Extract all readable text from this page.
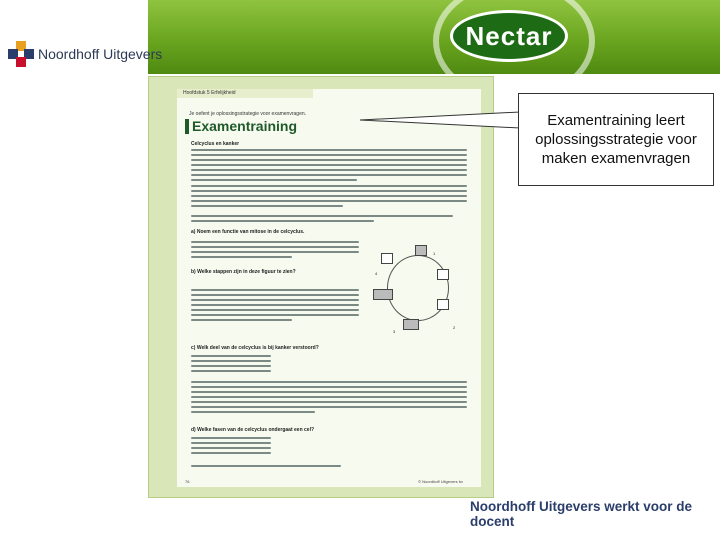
Nectar
Noordhoff Uitgevers
Hoofdstuk 5 Erfelijkheid
Je oefent je oplossingsstrategie voor examenvragen.
Examentraining
Celcyclus en kanker
a) Noem een functie van mitose in de celcyclus.
b) Welke stappen zijn in deze figuur te zien?
c) Welk deel van de celcyclus is bij kanker verstoord?
d) Welke fasen van de celcyclus ondergaat een cel?
1
2
3
4
76	© Noordhoff Uitgevers bv
Examentraining leert oplossingsstrategie voor maken examenvragen
Noordhoff Uitgevers werkt voor de docent
